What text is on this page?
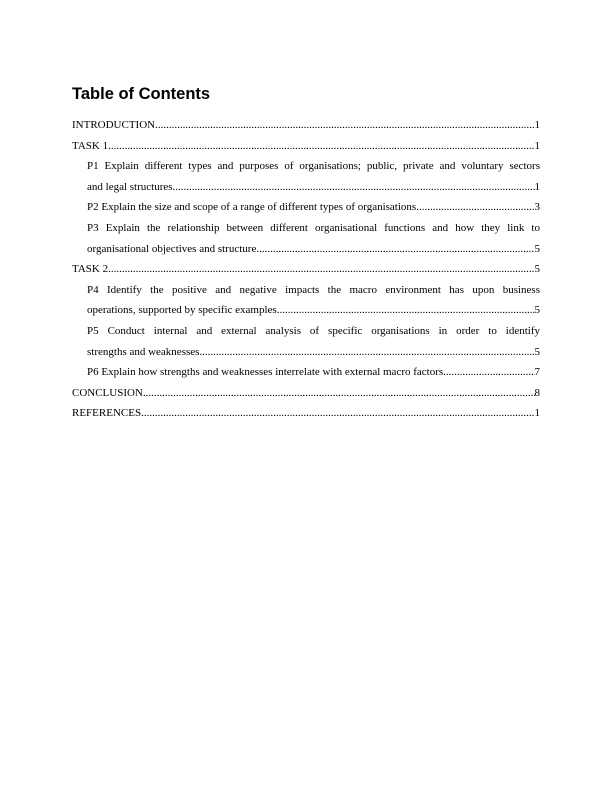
Table of Contents
INTRODUCTION .....	1
TASK 1 .....	1
P1 Explain different types and purposes of organisations; public, private and voluntary sectors
and legal structures .....	1
P2 Explain the size and scope of a range of different types of organisations .....	3
P3 Explain the relationship between different organisational functions and how they link to
organisational objectives and structure .....	5
TASK 2 .....	5
P4 Identify the positive and negative impacts the macro environment has upon business
operations, supported by specific examples .....	5
P5 Conduct internal and external analysis of specific organisations in order to identify
strengths and weaknesses .....	5
P6 Explain how strengths and weaknesses interrelate with external macro factors .....	7
CONCLUSION .....	8
REFERENCES .....	1
